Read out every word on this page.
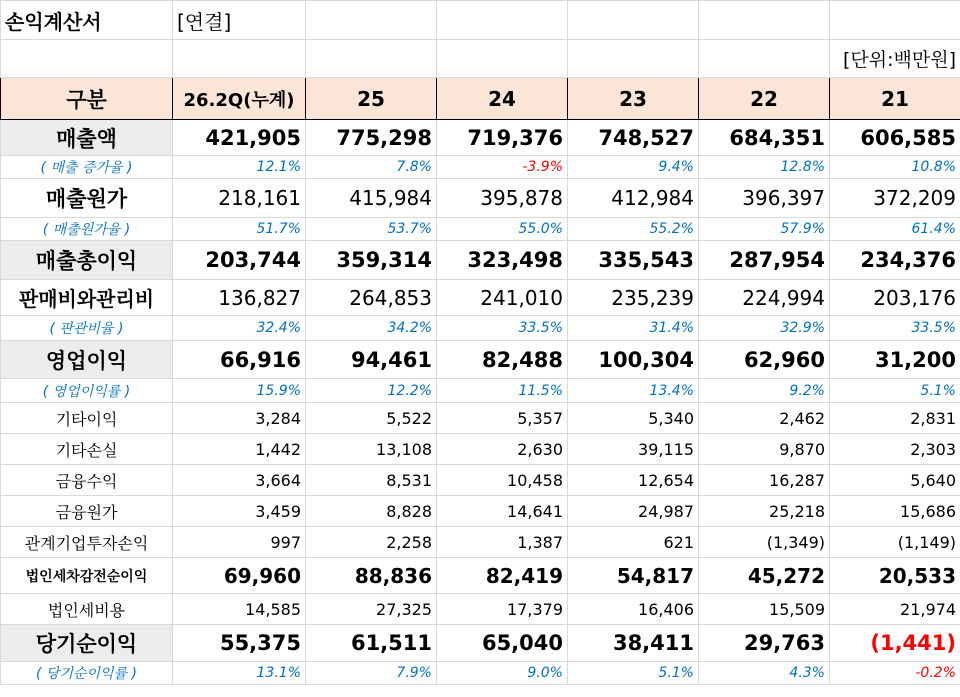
손익계산서	[연결]					
						[단위:백만원]
구분	26.2Q(누계)	25	24	23	22	21
매출액	421,905	775,298	719,376	748,527	684,351	606,585
( 매출 증가율 )	12.1%	7.8%	-3.9%	9.4%	12.8%	10.8%
매출원가	218,161	415,984	395,878	412,984	396,397	372,209
( 매출원가율 )	51.7%	53.7%	55.0%	55.2%	57.9%	61.4%
매출총이익	203,744	359,314	323,498	335,543	287,954	234,376
판매비와관리비	136,827	264,853	241,010	235,239	224,994	203,176
( 판관비율 )	32.4%	34.2%	33.5%	31.4%	32.9%	33.5%
영업이익	66,916	94,461	82,488	100,304	62,960	31,200
( 영업이익률 )	15.9%	12.2%	11.5%	13.4%	9.2%	5.1%
기타이익	3,284	5,522	5,357	5,340	2,462	2,831
기타손실	1,442	13,108	2,630	39,115	9,870	2,303
금융수익	3,664	8,531	10,458	12,654	16,287	5,640
금융원가	3,459	8,828	14,641	24,987	25,218	15,686
관계기업투자손익	997	2,258	1,387	621	(1,349)	(1,149)
법인세차감전순이익	69,960	88,836	82,419	54,817	45,272	20,533
법인세비용	14,585	27,325	17,379	16,406	15,509	21,974
당기순이익	55,375	61,511	65,040	38,411	29,763	(1,441)
( 당기순이익률 )	13.1%	7.9%	9.0%	5.1%	4.3%	-0.2%
